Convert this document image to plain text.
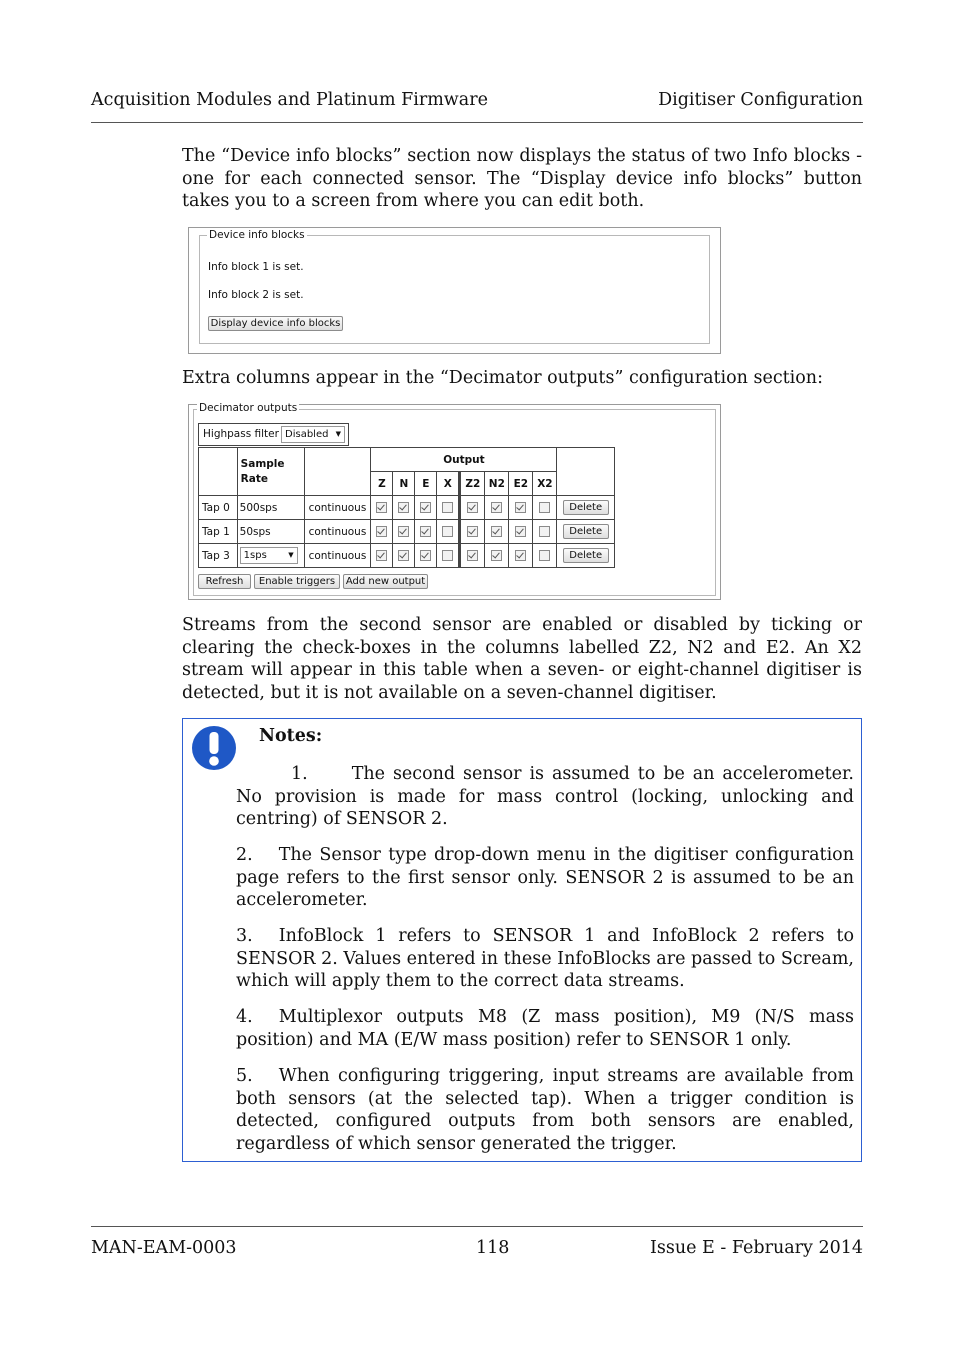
Acquisition Modules and Platinum Firmware	Digitiser Configuration

The “Device info blocks” section now displays the status of two Info blocks - one for each connected sensor. The “Display device info blocks” button takes you to a screen from where you can edit both.

Device info blocks
Info block 1 is set.
Info block 2 is set.
Display device info blocks

Extra columns appear in the “Decimator outputs” configuration section:

Decimator outputs
Highpass filter Disabled ▼
	Sample Rate		Output								
			Z	N	E	X	Z2	N2	E2	X2	
Tap 0	500sps	continuous									Delete
Tap 1	50sps	continuous									Delete
Tap 3	1sps ▼	continuous									Delete
Refresh	Enable triggers	Add new output

Streams from the second sensor are enabled or disabled by ticking or clearing the check-boxes in the columns labelled Z2, N2 and E2. An X2 stream will appear in this table when a seven- or eight-channel digitiser is detected, but it is not available on a seven-channel digitiser.

Notes:

1.	The second sensor is assumed to be an accelerometer. No provision is made for mass control (locking, unlocking and centring) of SENSOR 2.

2. The Sensor type drop-down menu in the digitiser configuration page refers to the first sensor only. SENSOR 2 is assumed to be an accelerometer.

3. InfoBlock 1 refers to SENSOR 1 and InfoBlock 2 refers to SENSOR 2. Values entered in these InfoBlocks are passed to Scream, which will apply them to the correct data streams.

4. Multiplexor outputs M8 (Z mass position), M9 (N/S mass position) and MA (E/W mass position) refer to SENSOR 1 only.

5. When configuring triggering, input streams are available from both sensors (at the selected tap). When a trigger condition is detected, configured outputs from both sensors are enabled, regardless of which sensor generated the trigger.

MAN-EAM-0003	118	Issue E - February 2014
